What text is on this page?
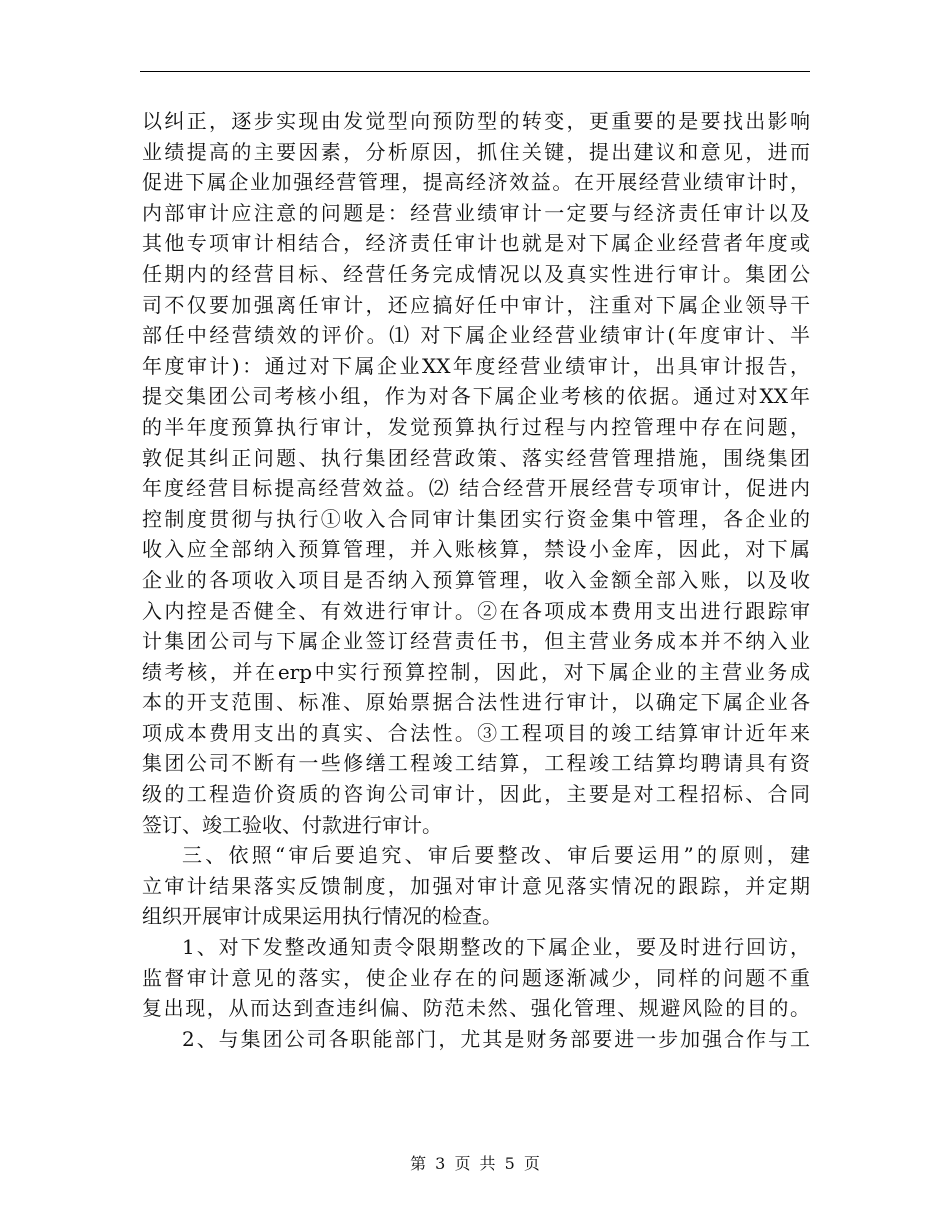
以纠正，逐步实现由发觉型向预防型的转变，更重要的是要找出影响
业绩提高的主要因素，分析原因，抓住关键，提出建议和意见，进而
促进下属企业加强经营管理，提高经济效益。在开展经营业绩审计时，
内部审计应注意的问题是：经营业绩审计一定要与经济责任审计以及
其他专项审计相结合，经济责任审计也就是对下属企业经营者年度或
任期内的经营目标、经营任务完成情况以及真实性进行审计。集团公
司不仅要加强离任审计，还应搞好任中审计，注重对下属企业领导干
部任中经营绩效的评价。⑴ 对下属企业经营业绩审计(年度审计、半
年度审计)：通过对下属企业XX年度经营业绩审计，出具审计报告，
提交集团公司考核小组，作为对各下属企业考核的依据。通过对XX年
的半年度预算执行审计，发觉预算执行过程与内控管理中存在问题，
敦促其纠正问题、执行集团经营政策、落实经营管理措施，围绕集团
年度经营目标提高经营效益。⑵ 结合经营开展经营专项审计，促进内
控制度贯彻与执行①收入合同审计集团实行资金集中管理，各企业的
收入应全部纳入预算管理，并入账核算，禁设小金库，因此，对下属
企业的各项收入项目是否纳入预算管理，收入金额全部入账，以及收
入内控是否健全、有效进行审计。②在各项成本费用支出进行跟踪审
计集团公司与下属企业签订经营责任书，但主营业务成本并不纳入业
绩考核，并在erp中实行预算控制，因此，对下属企业的主营业务成
本的开支范围、标准、原始票据合法性进行审计，以确定下属企业各
项成本费用支出的真实、合法性。③工程项目的竣工结算审计近年来
集团公司不断有一些修缮工程竣工结算，工程竣工结算均聘请具有资
级的工程造价资质的咨询公司审计，因此，主要是对工程招标、合同
签订、竣工验收、付款进行审计。
三、依照“审后要追究、审后要整改、审后要运用”的原则，建
立审计结果落实反馈制度，加强对审计意见落实情况的跟踪，并定期
组织开展审计成果运用执行情况的检查。
1、对下发整改通知责令限期整改的下属企业，要及时进行回访，
监督审计意见的落实，使企业存在的问题逐渐减少，同样的问题不重
复出现，从而达到查违纠偏、防范未然、强化管理、规避风险的目的。
2、与集团公司各职能部门，尤其是财务部要进一步加强合作与工
第 3 页 共 5 页
